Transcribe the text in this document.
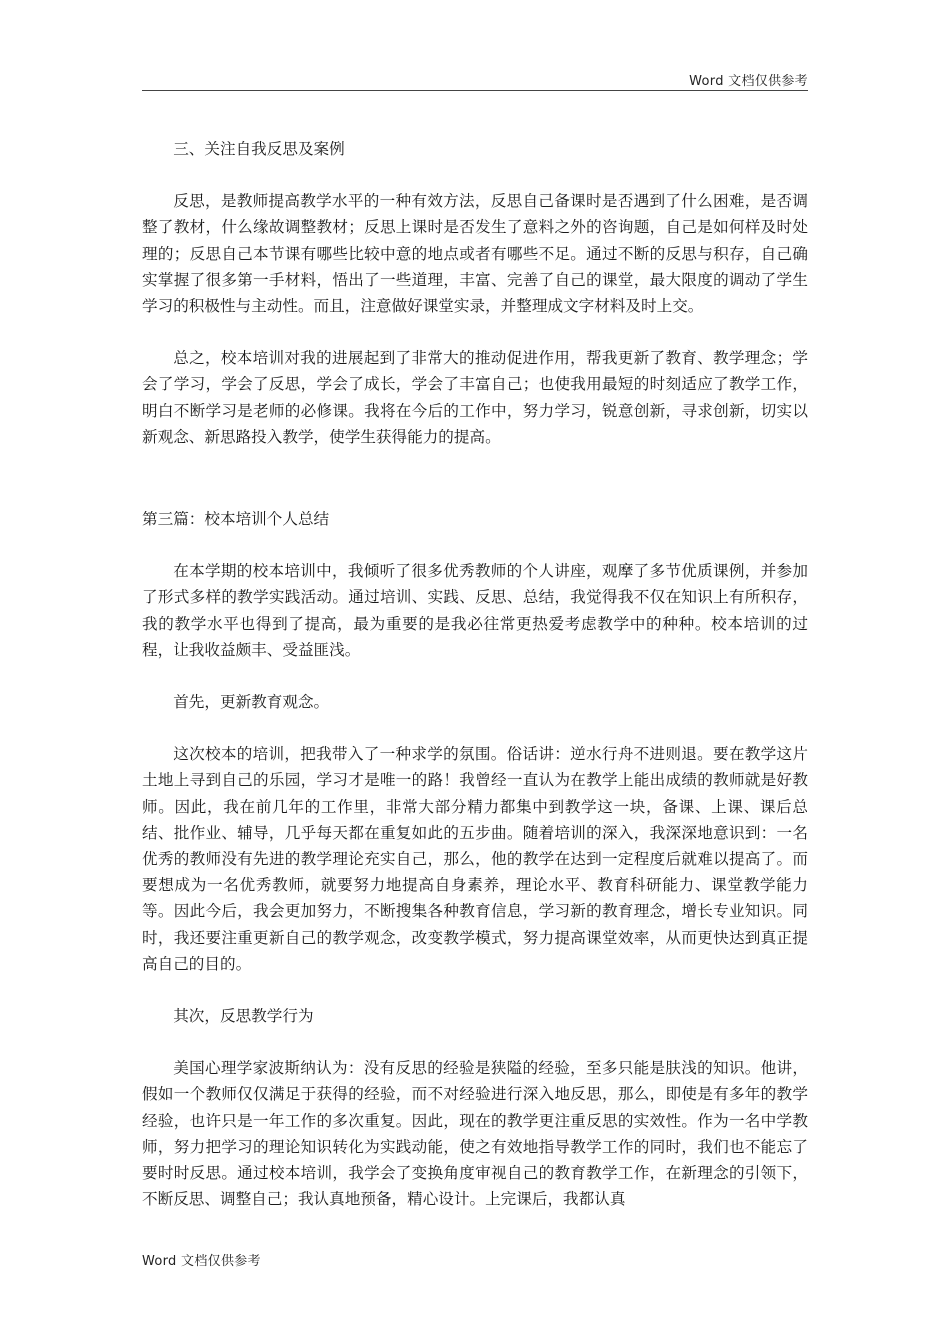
Word 文档仅供参考

三、关注自我反思及案例

反思，是教师提高教学水平的一种有效方法，反思自己备课时是否遇到了什么困难，是否调整了教材，什么缘故调整教材；反思上课时是否发生了意料之外的咨询题，自己是如何样及时处理的；反思自己本节课有哪些比较中意的地点或者有哪些不足。通过不断的反思与积存，自己确实掌握了很多第一手材料，悟出了一些道理，丰富、完善了自己的课堂，最大限度的调动了学生学习的积极性与主动性。而且，注意做好课堂实录，并整理成文字材料及时上交。

总之，校本培训对我的进展起到了非常大的推动促进作用，帮我更新了教育、教学理念；学会了学习，学会了反思，学会了成长，学会了丰富自己；也使我用最短的时刻适应了教学工作，明白不断学习是老师的必修课。我将在今后的工作中，努力学习，锐意创新，寻求创新，切实以新观念、新思路投入教学，使学生获得能力的提高。

第三篇：校本培训个人总结

在本学期的校本培训中，我倾听了很多优秀教师的个人讲座，观摩了多节优质课例，并参加了形式多样的教学实践活动。通过培训、实践、反思、总结，我觉得我不仅在知识上有所积存，我的教学水平也得到了提高，最为重要的是我必往常更热爱考虑教学中的种种。校本培训的过程，让我收益颇丰、受益匪浅。

首先，更新教育观念。

这次校本的培训，把我带入了一种求学的氛围。俗话讲：逆水行舟不进则退。要在教学这片土地上寻到自己的乐园，学习才是唯一的路！我曾经一直认为在教学上能出成绩的教师就是好教师。因此，我在前几年的工作里，非常大部分精力都集中到教学这一块，备课、上课、课后总结、批作业、辅导，几乎每天都在重复如此的五步曲。随着培训的深入，我深深地意识到：一名优秀的教师没有先进的教学理论充实自己，那么，他的教学在达到一定程度后就难以提高了。而要想成为一名优秀教师，就要努力地提高自身素养，理论水平、教育科研能力、课堂教学能力等。因此今后，我会更加努力，不断搜集各种教育信息，学习新的教育理念，增长专业知识。同时，我还要注重更新自己的教学观念，改变教学模式，努力提高课堂效率，从而更快达到真正提高自己的目的。

其次，反思教学行为

美国心理学家波斯纳认为：没有反思的经验是狭隘的经验，至多只能是肤浅的知识。他讲，假如一个教师仅仅满足于获得的经验，而不对经验进行深入地反思，那么，即使是有多年的教学经验，也许只是一年工作的多次重复。因此，现在的教学更注重反思的实效性。作为一名中学教师，努力把学习的理论知识转化为实践动能，使之有效地指导教学工作的同时，我们也不能忘了要时时反思。通过校本培训，我学会了变换角度审视自己的教育教学工作，在新理念的引领下，不断反思、调整自己；我认真地预备，精心设计。上完课后，我都认真

Word 文档仅供参考
